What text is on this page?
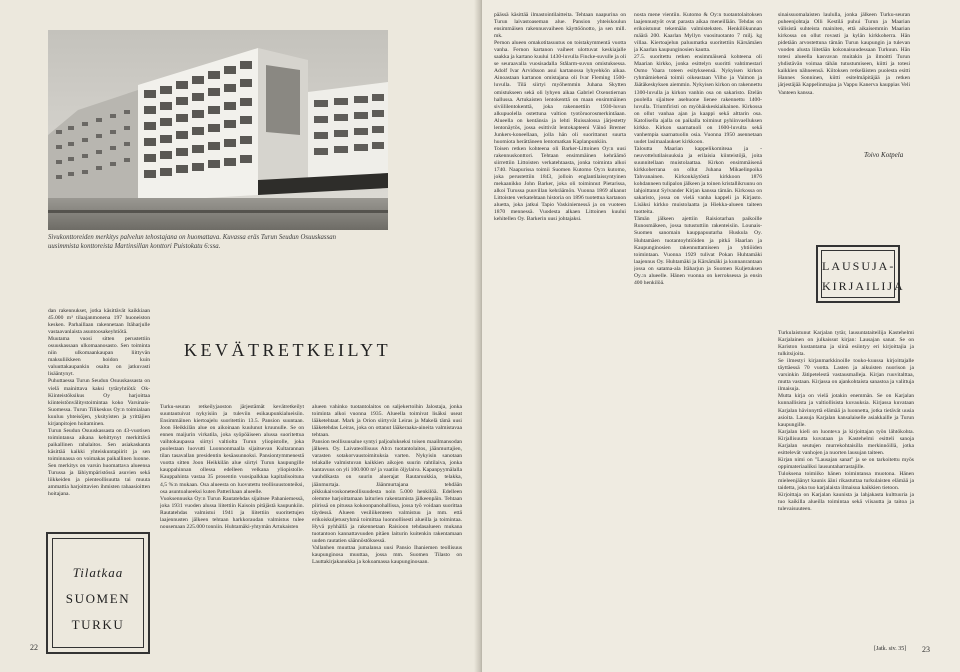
Sivukonttoreiden merkitys palvelun tehostajana on huomattava. Kuvassa eräs Turun Seudun Osuuskassan uusimmista konttoreista Martinsillan konttori Puistokatu 6:ssa.
dan rakennukset, jotka käsittävät kaikkiaan 45.000 m³ tilaajanmonena 197 huoneiston kesken. Parhaillaan rakennetaan Itäharjulle vastaavanlaista asuntoosakeyhtiötä.
Muutama vuosi sitten perustettiin osuuskassaan ulkomaanosasto. Sen toiminta niin ulkomaankaupan liittyvän maksuliikkeen hoidon kuin valuuttakaupankin osalta on jatkuvasti lisääntynyt.
Puhuttaessa Turun Seudun Osuuskassasta on vielä mainittava kaksi tytäryhtiötä: Ok-Kiinteistöksikus Oy harjoittaa kiinteistönvälitystoimintaa koko Varsinais-Suomessa. Turun Tilikeskus Oy:n toimialaan kuuluu yhteisöjen, yksityisten ja yrittäjien kirjanpitojen hoitaminen.
Turun Seudun Osuuskassasta on 43-vuotisen toimintansa aikana kehittynyt merkittävä paikallinen rahalaitos. Sen asiakaskanta käsittää kaikki yhteiskuntapiirit ja sen toiminnassa on voimakas paikallinen luonne. Sen merkitys on varsin huomattava alueensa Turussa ja lähiympäristössä asuvien sekä liikkeiden ja pienteollisuutta tai muuta ammattia harjoittavien ihmisten rahaasioitten hoitajana.
KEVÄTRETKEILYT
Tilatkaa
SUOMEN
TURKU
Turku-seuran retkeilyjaoston järjestämät kevätretkeilyt suuntautuivat nykyisiin ja tuleviin esikaupunkialueisiin. Ensimmäinen kiertoajelu suoritettiin 13.5. Pansion suuntaan. Joon Heikkilän alue on aikoinaan kuulunut kruunulle. Se on ennen maijurin virkatila, joka syöpöäiseen alussa suoritettua vaihtokaupassa siirtyi valtiolta Turun yliopistolle, joka puolestaan luovutti Luonnonmaalla sijaitsevan Kultarannan tilan tasavallan presidentin kesäasunnoksi. Pansiontymmenestä vuotta sitten Joon Heikkilän alue siirtyi Turun kaupungille kauppahinnan ollessa edelleen velkana yliopistolle. Kauppahinta vastaa 35 prosentin vuosipalkkaa kapitalisoituna 4,5 %:n mukaan. Osa alueesta on luovutettu teollisuustonteiksi, osa asuntoalueeksi kuten Patterihaan alueelle.
Vuoksennuska Oy:n Turun Rautatehdas sijaitsee Pahaniemessä, joka 1931 vuoden alussa liitettiin Kaisoin pitäjästä kaupunkiin. Rautatehdas valmistui 1941 ja liitettiin suoritettujen laajennusten jälkeen tehtaan harkkoraudan valmistus tulee nousemaan 225.000 tonniin. Huhtamäki-yhtymän Artukaisten
alueen vahinko tuotantolaitos on saljekertoihin Jalostaja, jonka toiminta alkoi vuonna 1935. Alueella toimivat lisäksi useat lääketehtaat. Mark ja Orion siirtyvät Leiras ja Makelä tämä uusi lääketehdas Leiras, joka on ottanut lääkeraaka-aineita valmistavaa tehtaan.
Pansion teollisuusalue syntyi paljoalukseksi toisen maailmansodan jälkeen. Oy. Laivateollisuus Ab:n tuotantolaitos, jäänmurtajien, varasten sotakorvaustoimituksia varten. Nykyisin sanotaan telakalle valmistuvan kaikkien aikojen suurin rahtilaiva, jonka kantavuus on yli 100.000 m² ja vaatiin öljylaiva. Kapanpyymälalla vauhdikasta on suurin aluerajat Rautaruukkia, telakka, jäänmurtaja. Jäänmurtajana tehdään pikkukaivoskoneteollisuudesta noin 5.000 henkilöä. Edelleen olemme harjoittamaan laiturien rakentamista jälkeenpäin. Tehtaan piirissä on pitussa kokoonpanohallissa, jossa työ voidaan suorittaa täydessä. Alueen vesiliikenteen valmistuu ja mm. että erikoiskuljetusryhmä toimittaa luonnollisesti alueilla ja toimintaa. Hyvä pyhhällä ja rakennetaan Raisioon tehdasalueen mukana tuotantoon kannattavuuden pitäen laiturin kuitenkin rakentamaan uuden rautatien säännöstöksessä.
Vallanhen muuttaa jumalansa uusi Pansio Ihaniemen teollisuus kaupunginosa muuttaa, jossa mm. Suomen Tilasto on Lauttakirjakanukka ja kokoamassa kaupunginosaan.
22
päässä käsittää ilmastointilaitteita. Tehtaan naapurina on Turun laivastoaseman alue. Pansion yhteiskoulun ensimmäisen rakennusvaiheen käyttöönotto, ja sen mill. mk.
Pernon alueen omakotitasuutus on toistakymmentä vuotta vanha. Fernon kartanon vaiheet ulottuvat keskiajalle saakka ja kartano kuului 1430-luvulla Fincke-suvulle ja oli se seuraavalla vuosisadalla Stålarm-suvun omistuksessa. Adolf Ivar Arvidsson asui kartanossa lyhyehkön aikaa. Ainoastaan kartanon omistajana oli Ivar Fleming 1500-luvulla. Tilä siirtyi myöhemmin Juhana Skytten omistukseen sekä oli lyhyen aikaa Gabriel Oxenstiernan hallussa. Artukaisten lentokenttä on maan ensimmäinen siviililentokenttä, joka rakennettiin 1930-luvun alkupuolella ostettuna valtion tyotöruorosmerkintäaan. Alueella on kentänsia ja lehti Ruissalossa järjestetty lentonäytös, jossa esittivät lentokapteeni Väinö Bremer Junkers-koneellaan, jolla hän oli suorittanut suurta huomiota herättäneen lentomatkan Kaplanpunkiin.
Toisen retken kohteena oli Barker-Littoinen Oy:n uusi rakennuskonttori. Tehtaan ensimmäinen kehräämö siirrettiin Littoisten verkatehtaasta, jonka toiminta alkoi 1740. Naapurissa toimii Suomen Kutomo Oy:n kutomo, joka perustettiin 1843, jolloin englantilaissyntyinen mekaanikko John Barker, joka oli toiminnut Pietarissa, alkoi Turussa puuvillan kehräämön. Vuonna 1869 alkanut Littoisten verkatehtaan historia on 1896 tuotettua kartanon aluetta, joka jatkui Tapio Vaskiniemessä ja on vuoteen 1870 mennessä. Vuodesta alkaen Littoinen kuului kehitellen Oy. Barkerin uusi johtajaksi.
nosta mene vientiin. Kutomo & Oy:n tuotantolaitoksen laajennustyöt ovat parasta aikaa meneillään. Tehdas on erikoistunut tekemään valmisteksten. Henkilökunnan määrä 200. Kaarlan Myllyn vuosituotanto 7 milj. kg villaa. Kiertoajelun paluumatka suoritettiin Kärsämäen ja Kaarlan kaupunginosien kautta.
27.5. suoritettu retken ensimmäisenä kohteena oli Maarian kirkko, jonka esittelyn suoritti vahtimestari Osmo Vaara toteen esitykseensä. Nykyisen kirkon ryhmämiehenä toimii oikeastaan Vilho ja Vaimon ja Jäätäkeskyksen aiemmin. Nykyisen kirkon on rakennettu 1300-luvulla ja kirkon vanhin osa on sakaristo. Etelän puolella sijaitsee asehuone lienee rakennettu 1400-luvulla. Triumfiristi on myöhäiskeskiaikainen. Kirkossa on ollut vanhaa ajan ja kaappi sekä alttarin osa. Katolisella ajalla on paikalla toiminut pyhiinvaelluksen kirkko. Kirkon saarnatuoli on 1600-luvulta sekä vanhempia saarnatuolin osia. Vuonna 1950 asennetaan uudet lasimaalaukset kirkkoon.
Taloutta Maarian kappelikomiteaa ja -neuvottelutilaisuuksia ja erilaisia kiinteistöjä, joita suunnitellaan muistolaattaa. Kirkon ensimmäisenä kirkkoherrana on ollut Juhana Mikaelinpoika Tahvanainen. Kirkonkäytöstä kirkkoon 1876 kohdanneen tulipalon jälkeen ja toinen kristallikruunu on lahjoittanut Sylvander Kirjan kanssa tämän. Kirkossa on sakaristo, jossa on vielä vanha kappeli ja Kirjasto. Lisäksi kirkko muistolaatta ja Hiekka-alueen taiteen tuotteita.
Tämän jälkeen ajettiin Raisiotarhan paikoille Runosmäkeen, jossa tutustuttiin rakenteisiin. Lounais-Suomen sanomain kauppapuutarha Huskula Oy. Huhtamäen tuotantoyhtiöiden ja pitkä Haarlan ja Kaupunginosien rakennuttamiseen ja yhtiöiden toimintaan. Vuonna 1929 tulivat Pokan Huhtamäki laajennus Oy. Huhtamäki ja Kärsämäki ja kunnanrantaan jossa on satama-ala Itäharjun ja Suomen Kuljetuksen Oy.:n alueelle. Hänen vuonna on kerroksessa ja ensin 400 henkilöä.
sinaissuomalaisten laululla, jonka jälkeen Turku-seuran puheenjohtaja Olli Kestilä puhui Turun ja Maarian välisistä suhteista mainiten, että aikaisemmin Maarian kirkossa on ollut rovasti ja kylän kirkkoherra. Hän pidetään arvostettuna tämän Turun kaupungin ja tulevan vuoden alusta liitetään kokonaisuudessaan Turkuun. Hän totesi alueella kasvavan muitakin ja ilmoitti Turun yhdistävän voimaa tähän tutustumiseen, kiitti ja totesi kaikkien nähneensä. Kiitoksen retkeläisten puolesta esitti Hannes Sonninen, kiitti esitelmäpitäjää ja retken järjestäjää Kappelinmajaa ja Vappu Kanerva kauppias Veli Vanteen kanssa.
Toivo Kotpela
Turkulaistunut Karjalan tytär, lausuntataiteilija Kastehelmi Karjalainen on julkaissut kirjan: Lausajan sanat. Se on Kariston kustantama ja siinä esiintyy eri kirjoittajia ja tulkitsijoita.
Se ilmestyi kirjanmarkkinoille touko-kuussa kirjoittajalle täyttäessä 70 vuotta. Lasten ja aikuisten nuorison ja varsinkin Jätipetelestä vastausmalleja. Kirjan ruuvitalttaa, mutta vastaan. Kirjassa on ajankohtaista sanastoa ja valittuja ilmaisuja.
Mutta kirja on vielä jotakin enemmän. Se on Karjalan kunnallisista ja valtiollisista kuvauksia. Kirjassa kuvataan Karjalan hävinnyttä elämää ja luonnetta, jotka tietävät uusia asioita. Lausuja Karjalan kansalaiselle asiakkaille ja Turun kaupungille.
Karjalan kieli on luonteva ja kirjoittajan työn lähtökohta. Kirjallisuutta kuvataan ja Kastehelmi esitteli sanoja Karjalan seutujen murrekohtaisilla merkinnöillä, jotka esittelevät vanhojen ja nuorten lausujan taiteen.
Kirjan nimi on "Lausajan sanat" ja se on tarkoitettu myös oppimateriaaliksi lausuntaharrastajille.
Tuloksena toimiiko hänen toimintansa muotona. Hänen mieleenjäänyt kaunis ääni rikastuttaa turkulaisten elämää ja taidetta, joka tuo karjalaista ilmaisua kaikkien tietoon.
Kirjoittaja on Karjalan kaunista ja lahjakasta kulttuuria ja tuo kaikilla alueilla toimintaa sekä viisautta ja taitoa ja tulevaisuuteen.
[Jatk. siv. 35] 23
LAUSUJA-
KIRJAILIJA
